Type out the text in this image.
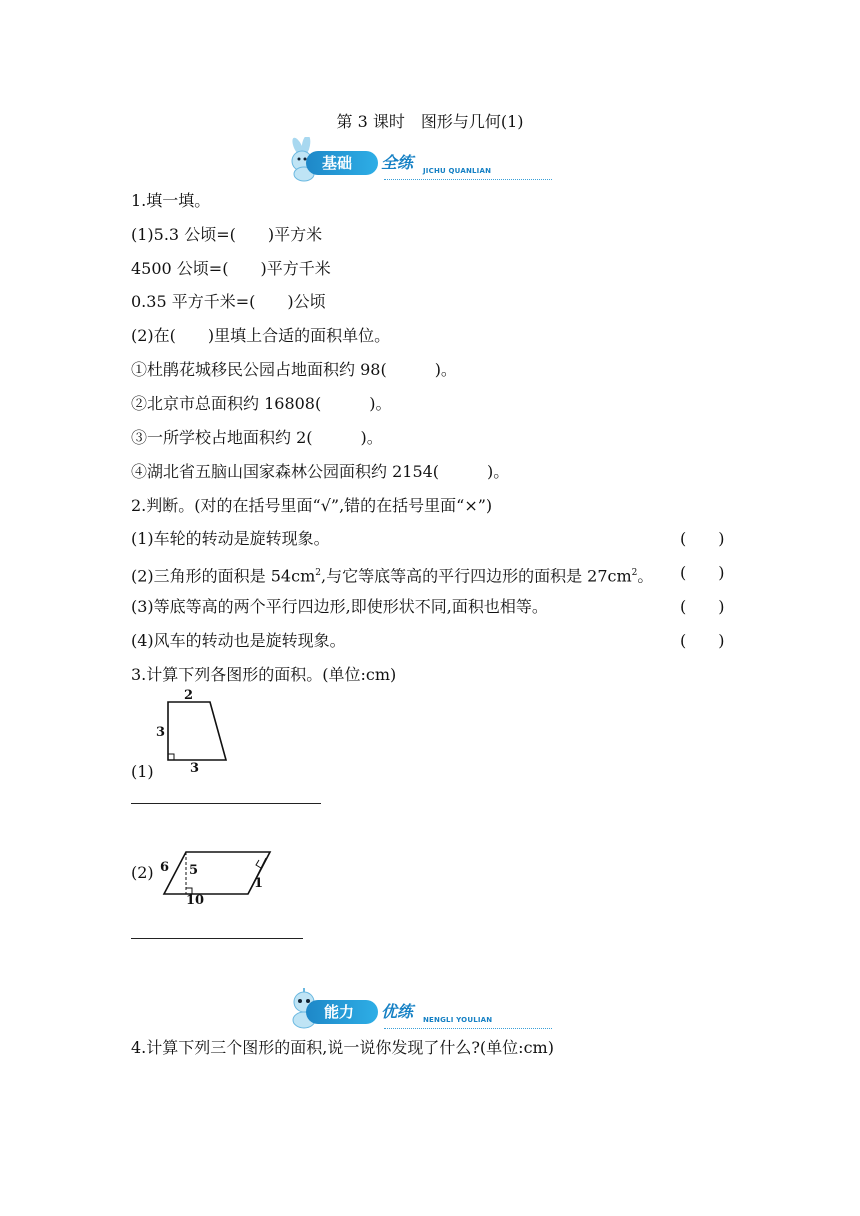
第 3 课时　图形与几何(1)
基础 全练 JICHU QUANLIAN
1.填一填。
(1)5.3 公顷=(　　)平方米
4500 公顷=(　　)平方千米
0.35 平方千米=(　　)公顷
(2)在(　　)里填上合适的面积单位。
①杜鹃花城移民公园占地面积约 98(　　　)。
②北京市总面积约 16808(　　　)。
③一所学校占地面积约 2(　　　)。
④湖北省五脑山国家森林公园面积约 2154(　　　)。
2.判断。(对的在括号里面“√”,错的在括号里面“×”)
(1)车轮的转动是旋转现象。
(2)三角形的面积是 $54cm^2$,与它等底等高的平行四边形的面积是 $27cm^2$。
(3)等底等高的两个平行四边形,即使形状不同,面积也相等。
(4)风车的转动也是旋转现象。
(　　)
(　　)
(　　)
(　　)
3.计算下列各图形的面积。(单位:cm)
(1)
2
3
3
(2) 6 5
10
1
能力 优练 NENGLI YOULIAN
4.计算下列三个图形的面积,说一说你发现了什么?(单位:cm)
